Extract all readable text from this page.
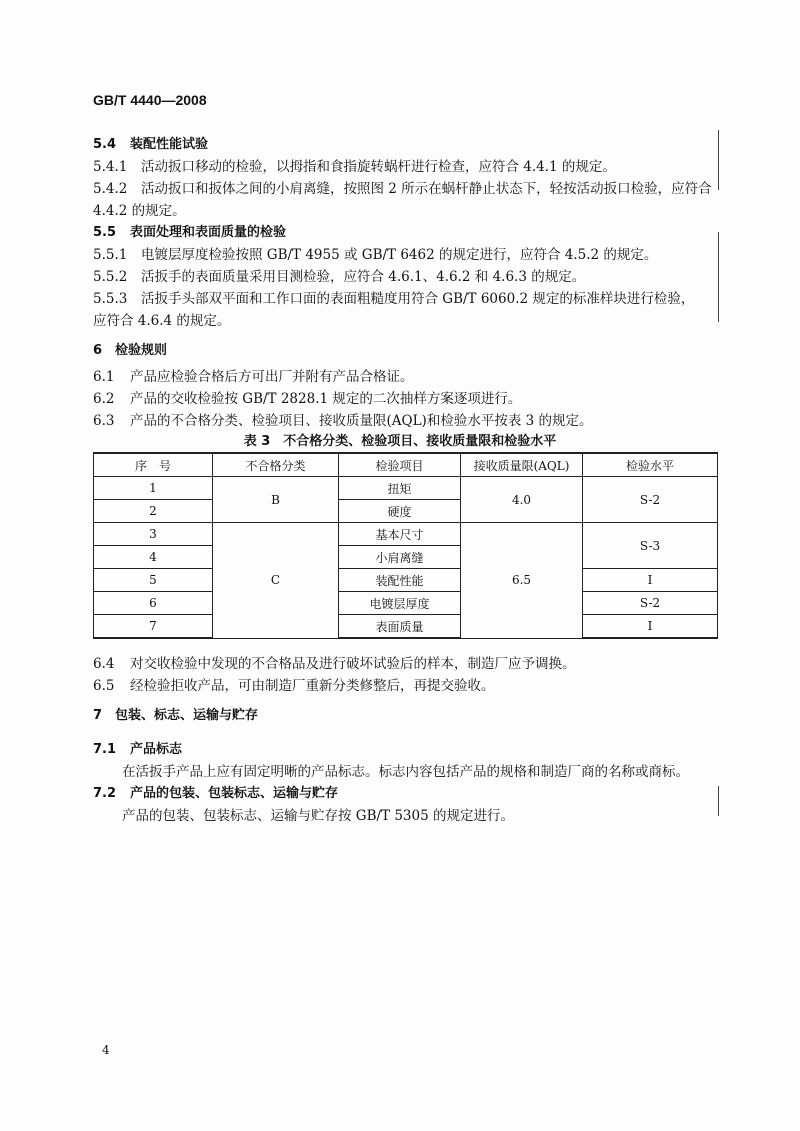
GB/T 4440—2008
5.4 装配性能试验
5.4.1 活动扳口移动的检验，以拇指和食指旋转蜗杆进行检查，应符合 4.4.1 的规定。
5.4.2 活动扳口和扳体之间的小肩离缝，按照图 2 所示在蜗杆静止状态下，轻按活动扳口检验，应符合
4.4.2 的规定。
5.5 表面处理和表面质量的检验
5.5.1 电镀层厚度检验按照 GB/T 4955 或 GB/T 6462 的规定进行，应符合 4.5.2 的规定。
5.5.2 活扳手的表面质量采用目测检验，应符合 4.6.1、4.6.2 和 4.6.3 的规定。
5.5.3 活扳手头部双平面和工作口面的表面粗糙度用符合 GB/T 6060.2 规定的标准样块进行检验，
应符合 4.6.4 的规定。
6 检验规则
6.1 产品应检验合格后方可出厂并附有产品合格证。
6.2 产品的交收检验按 GB/T 2828.1 规定的二次抽样方案逐项进行。
6.3 产品的不合格分类、检验项目、接收质量限(AQL)和检验水平按表 3 的规定。
表 3　不合格分类、检验项目、接收质量限和检验水平
序　号	不合格分类	检验项目	接收质量限(AQL)	检验水平
1	B	扭矩	4.0	S-2
2		硬度		
3	C	基本尺寸	6.5	S-3
4		小肩离缝		
5		装配性能		Ⅰ
6		电镀层厚度		S-2
7		表面质量		Ⅰ
6.4 对交收检验中发现的不合格品及进行破坏试验后的样本，制造厂应予调换。
6.5 经检验拒收产品，可由制造厂重新分类修整后，再提交验收。
7 包装、标志、运输与贮存
7.1 产品标志
在活扳手产品上应有固定明晰的产品标志。标志内容包括产品的规格和制造厂商的名称或商标。
7.2 产品的包装、包装标志、运输与贮存
产品的包装、包装标志、运输与贮存按 GB/T 5305 的规定进行。
4
